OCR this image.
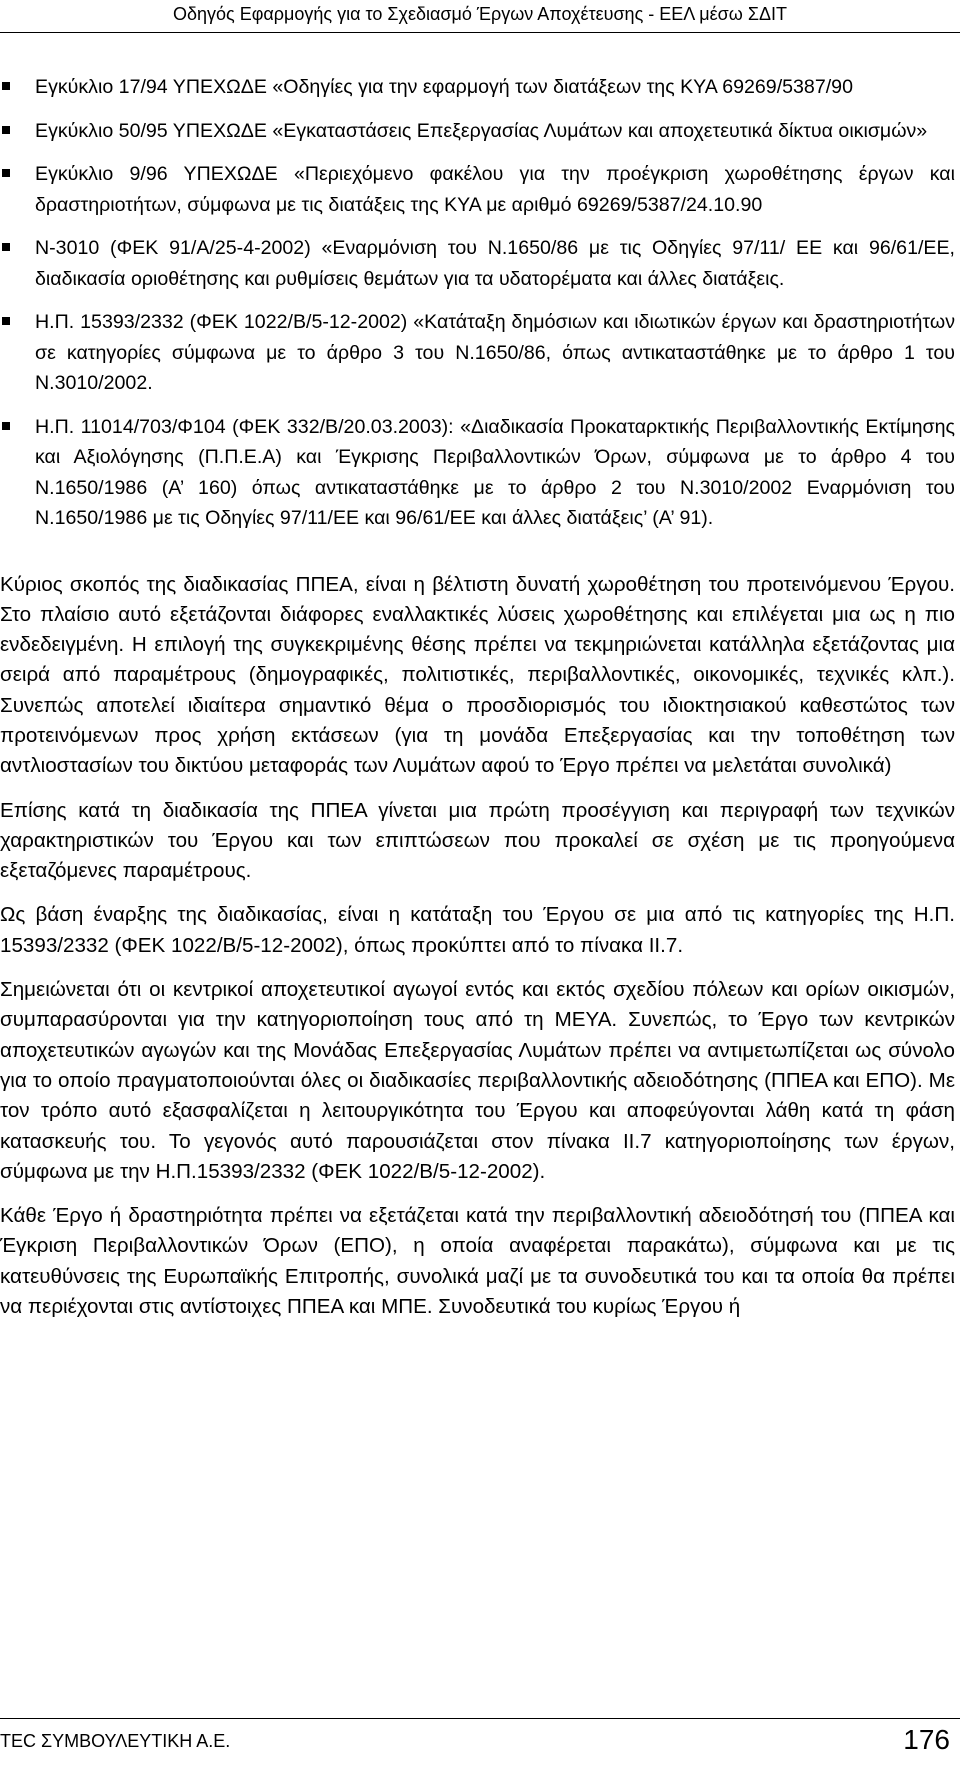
Οδηγός Εφαρμογής για το Σχεδιασμό Έργων Αποχέτευσης - ΕΕΛ μέσω ΣΔΙΤ
Εγκύκλιο 17/94 ΥΠΕΧΩΔΕ «Οδηγίες για την εφαρμογή των διατάξεων της ΚΥΑ 69269/5387/90
Εγκύκλιο 50/95 ΥΠΕΧΩΔΕ «Εγκαταστάσεις Επεξεργασίας Λυμάτων και αποχετευτικά δίκτυα οικισμών»
Εγκύκλιο 9/96 ΥΠΕΧΩΔΕ «Περιεχόμενο φακέλου για την προέγκριση χωροθέτησης έργων και δραστηριοτήτων, σύμφωνα με τις διατάξεις της ΚΥΑ με αριθμό 69269/5387/24.10.90
Ν-3010 (ΦΕΚ 91/Α/25-4-2002) «Εναρμόνιση του Ν.1650/86 με τις Οδηγίες 97/11/ ΕΕ και 96/61/ΕΕ, διαδικασία οριοθέτησης και ρυθμίσεις θεμάτων για τα υδατορέματα και άλλες διατάξεις.
Η.Π. 15393/2332 (ΦΕΚ 1022/Β/5-12-2002) «Κατάταξη δημόσιων και ιδιωτικών έργων και δραστηριοτήτων σε κατηγορίες σύμφωνα με το άρθρο 3 του Ν.1650/86, όπως αντικαταστάθηκε με το άρθρο 1 του Ν.3010/2002.
Η.Π. 11014/703/Φ104 (ΦΕΚ 332/Β/20.03.2003): «Διαδικασία Προκαταρκτικής Περιβαλλοντικής Εκτίμησης και Αξιολόγησης (Π.Π.Ε.Α) και Έγκρισης Περιβαλλοντικών Όρων, σύμφωνα με το άρθρο 4 του Ν.1650/1986 (Α’ 160) όπως αντικαταστάθηκε με το άρθρο 2 του Ν.3010/2002 Εναρμόνιση του Ν.1650/1986 με τις Οδηγίες 97/11/ΕΕ και 96/61/ΕΕ και άλλες διατάξεις’ (Α’ 91).

Κύριος σκοπός της διαδικασίας ΠΠΕΑ, είναι η βέλτιστη δυνατή χωροθέτηση του προτεινόμενου Έργου. Στο πλαίσιο αυτό εξετάζονται διάφορες εναλλακτικές λύσεις χωροθέτησης και επιλέγεται μια ως η πιο ενδεδειγμένη. Η επιλογή της συγκεκριμένης θέσης πρέπει να τεκμηριώνεται κατάλληλα εξετάζοντας μια σειρά από παραμέτρους (δημογραφικές, πολιτιστικές, περιβαλλοντικές, οικονομικές, τεχνικές κλπ.). Συνεπώς αποτελεί ιδιαίτερα σημαντικό θέμα ο προσδιορισμός του ιδιοκτησιακού καθεστώτος των προτεινόμενων προς χρήση εκτάσεων (για τη μονάδα Επεξεργασίας και την τοποθέτηση των αντλιοστασίων του δικτύου μεταφοράς των Λυμάτων αφού το Έργο πρέπει να μελετάται συνολικά)

Επίσης κατά τη διαδικασία της ΠΠΕΑ γίνεται μια πρώτη προσέγγιση και περιγραφή των τεχνικών χαρακτηριστικών του Έργου και των επιπτώσεων που προκαλεί σε σχέση με τις προηγούμενα εξεταζόμενες παραμέτρους.

Ως βάση έναρξης της διαδικασίας, είναι η κατάταξη του Έργου σε μια από τις κατηγορίες της Η.Π. 15393/2332 (ΦΕΚ 1022/Β/5-12-2002), όπως προκύπτει από το πίνακα ΙΙ.7.

Σημειώνεται ότι οι κεντρικοί αποχετευτικοί αγωγοί εντός και εκτός σχεδίου πόλεων και ορίων οικισμών, συμπαρασύρονται για την κατηγοριοποίηση τους από τη ΜΕΥΑ. Συνεπώς, το Έργο των κεντρικών αποχετευτικών αγωγών και της Μονάδας Επεξεργασίας Λυμάτων πρέπει να αντιμετωπίζεται ως σύνολο για το οποίο πραγματοποιούνται όλες οι διαδικασίες περιβαλλοντικής αδειοδότησης (ΠΠΕΑ και ΕΠΟ). Με τον τρόπο αυτό εξασφαλίζεται η λειτουργικότητα του Έργου και αποφεύγονται λάθη κατά τη φάση κατασκευής του. Το γεγονός αυτό παρουσιάζεται στον πίνακα ΙΙ.7 κατηγοριοποίησης των έργων, σύμφωνα με την Η.Π.15393/2332 (ΦΕΚ 1022/Β/5-12-2002).

Κάθε Έργο ή δραστηριότητα πρέπει να εξετάζεται κατά την περιβαλλοντική αδειοδότησή του (ΠΠΕΑ και Έγκριση Περιβαλλοντικών Όρων (ΕΠΟ), η οποία αναφέρεται παρακάτω), σύμφωνα και με τις κατευθύνσεις της Ευρωπαϊκής Επιτροπής, συνολικά μαζί με τα συνοδευτικά του και τα οποία θα πρέπει να περιέχονται στις αντίστοιχες ΠΠΕΑ και ΜΠΕ. Συνοδευτικά του κυρίως Έργου ή

ΤΕC ΣΥΜΒΟΥΛΕΥΤΙΚΗ Α.Ε.	176
